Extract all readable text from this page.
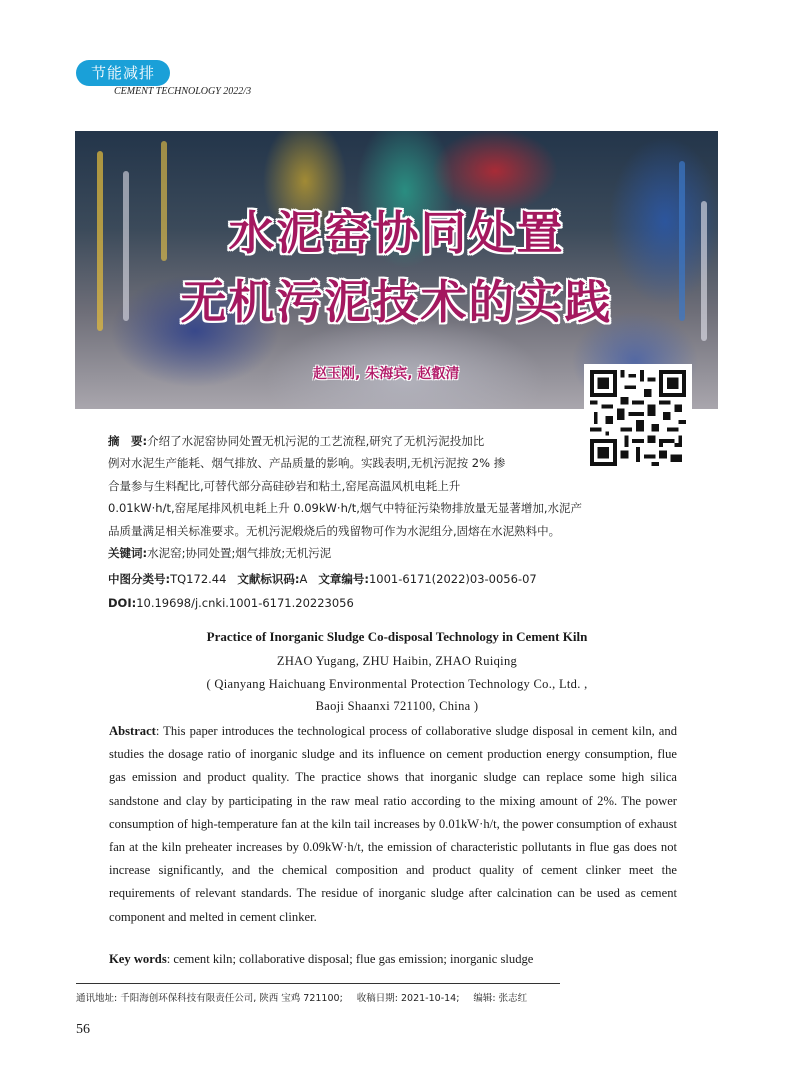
节能减排
CEMENT TECHNOLOGY 2022/3
水泥窑协同处置
无机污泥技术的实践
赵玉刚, 朱海宾, 赵叡清
摘　要:介绍了水泥窑协同处置无机污泥的工艺流程,研究了无机污泥投加比
例对水泥生产能耗、烟气排放、产品质量的影响。实践表明,无机污泥按 2% 掺
合量参与生料配比,可替代部分高硅砂岩和粘土,窑尾高温风机电耗上升
0.01kW·h/t,窑尾尾排风机电耗上升 0.09kW·h/t,烟气中特征污染物排放量无显著增加,水泥产
品质量满足相关标准要求。无机污泥煅烧后的残留物可作为水泥组分,固熔在水泥熟料中。
关键词:水泥窑;协同处置;烟气排放;无机污泥
中图分类号:TQ172.44 文献标识码:A 文章编号:1001-6171(2022)03-0056-07
DOI:10.19698/j.cnki.1001-6171.20223056
Practice of Inorganic Sludge Co-disposal Technology in Cement Kiln
ZHAO Yugang, ZHU Haibin, ZHAO Ruiqing
( Qianyang Haichuang Environmental Protection Technology Co., Ltd. ,
Baoji Shaanxi 721100, China )
Abstract: This paper introduces the technological process of collaborative sludge disposal in cement kiln, and studies the dosage ratio of inorganic sludge and its influence on cement production energy consumption, flue gas emission and product quality. The practice shows that inorganic sludge can replace some high silica sandstone and clay by participating in the raw meal ratio according to the mixing amount of 2%. The power consumption of high-temperature fan at the kiln tail increases by 0.01kW·h/t, the power consumption of exhaust fan at the kiln preheater increases by 0.09kW·h/t, the emission of characteristic pollutants in flue gas does not increase significantly, and the chemical composition and product quality of cement clinker meet the requirements of relevant standards. The residue of inorganic sludge after calcination can be used as cement component and melted in cement clinker.
Key words: cement kiln; collaborative disposal; flue gas emission; inorganic sludge
通讯地址: 千阳海创环保科技有限责任公司, 陕西 宝鸡 721100; 收稿日期: 2021-10-14; 编辑: 张志红
56
